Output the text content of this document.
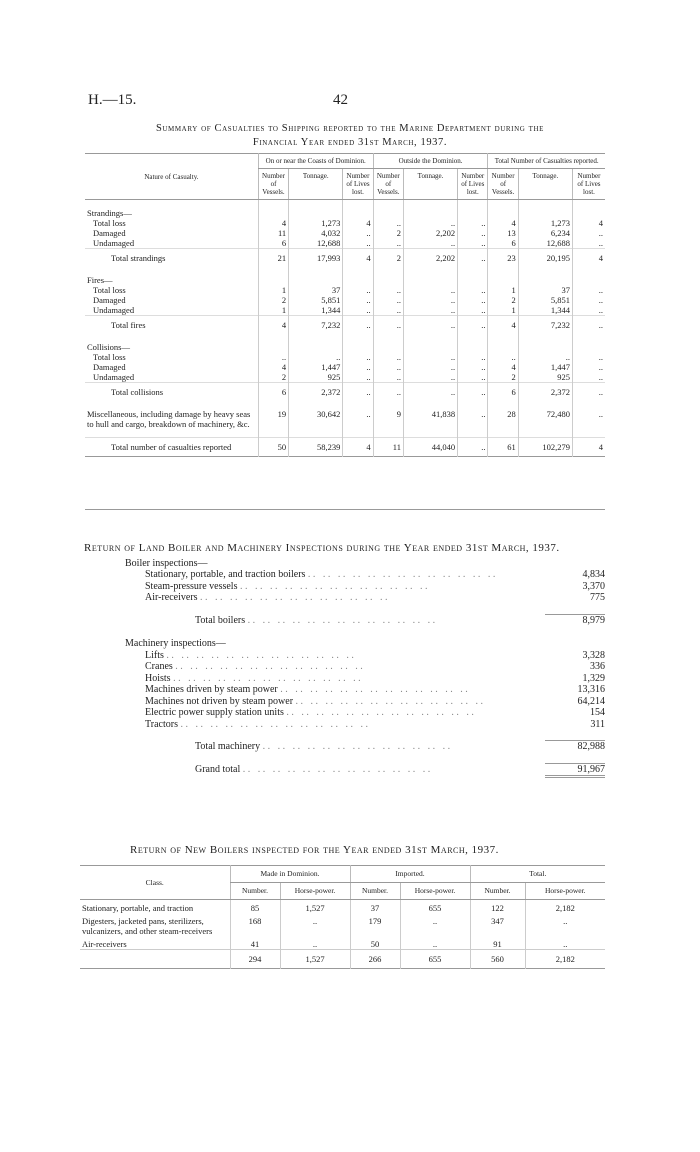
H.—15.	42
Summary of Casualties to Shipping reported to the Marine Department during the
Financial Year ended 31st March, 1937.
Nature of Casualty.	On or near the Coasts of Dominion.			Outside the Dominion.			Total Number of Casualties reported.		
	Number of Vessels.	Tonnage.	Number of Lives lost.	Number of Vessels.	Tonnage.	Number of Lives lost.	Number of Vessels.	Tonnage.	Number of Lives lost.

Strandings—									
Total loss	4	1,273	4	..	..	..	4	1,273	4
Damaged	11	4,032	..	2	2,202	..	13	6,234	..
Undamaged	6	12,688	..	..	..	..	6	12,688	..
Total strandings	21	17,993	4	2	2,202	..	23	20,195	4

Fires—									
Total loss	1	37	..	..	..	..	1	37	..
Damaged	2	5,851	..	..	..	..	2	5,851	..
Undamaged	1	1,344	..	..	..	..	1	1,344	..
Total fires	4	7,232	..	..	..	..	4	7,232	..

Collisions—									
Total loss	..	..	..	..	..	..	..	..	..
Damaged	4	1,447	..	..	..	..	4	1,447	..
Undamaged	2	925	..	..	..	..	2	925	..
Total collisions	6	2,372	..	..	..	..	6	2,372	..

Miscellaneous, including damage by heavy seas to hull and cargo, breakdown of machinery, &c.	19	30,642	..	9	41,838	..	28	72,480	..

Total number of casualties reported	50	58,239	4	11	44,040	..	61	102,279	4
Return of Land Boiler and Machinery Inspections during the Year ended 31st March, 1937.
Boiler inspections—
Stationary, portable, and traction boilers . .	4,834
Steam-pressure vessels . .	3,370
Air-receivers . .	775
Total boilers . .	8,979
Machinery inspections—
Lifts . .	3,328
Cranes . .	336
Hoists . .	1,329
Machines driven by steam power . .	13,316
Machines not driven by steam power . .	64,214
Electric power supply station units . .	154
Tractors . .	311
Total machinery . .	82,988
Grand total . .	91,967
Return of New Boilers inspected for the Year ended 31st March, 1937.
Class.	Made in Dominion.		Imported.		Total.	
	Number.	Horse-power.	Number.	Horse-power.	Number.	Horse-power.
Stationary, portable, and traction	85	1,527	37	655	122	2,182
Digesters, jacketed pans, sterilizers, vulcanizers, and other steam-receivers	168	..	179	..	347	..
Air-receivers	41	..	50	..	91	..
	294	1,527	266	655	560	2,182
